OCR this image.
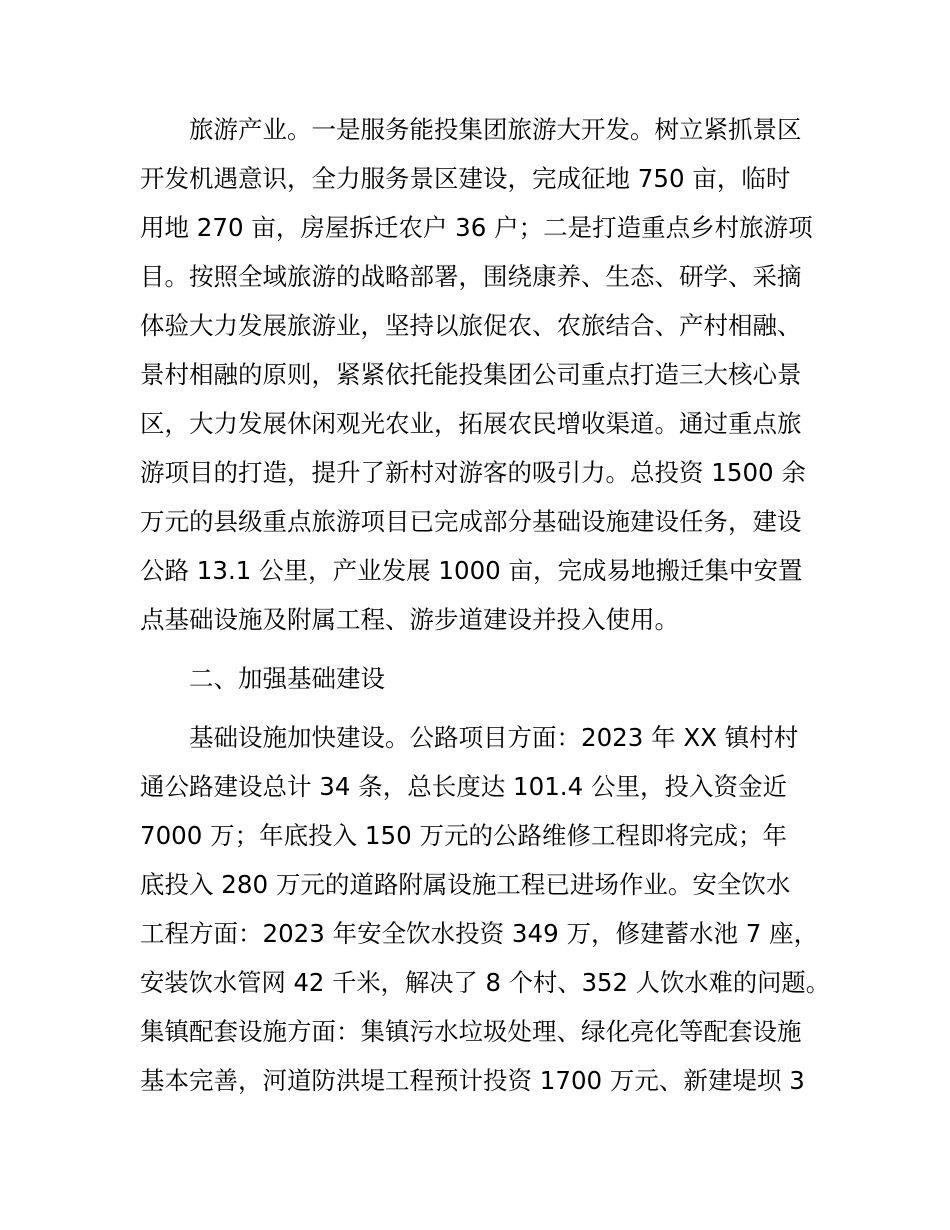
旅游产业。一是服务能投集团旅游大开发。树立紧抓景区

开发机遇意识，全力服务景区建设，完成征地 750 亩，临时

用地 270 亩，房屋拆迁农户 36 户；二是打造重点乡村旅游项

目。按照全域旅游的战略部署，围绕康养、生态、研学、采摘

体验大力发展旅游业，坚持以旅促农、农旅结合、产村相融、

景村相融的原则，紧紧依托能投集团公司重点打造三大核心景

区，大力发展休闲观光农业，拓展农民增收渠道。通过重点旅

游项目的打造，提升了新村对游客的吸引力。总投资 1500 余

万元的县级重点旅游项目已完成部分基础设施建设任务，建设

公路 13.1 公里，产业发展 1000 亩，完成易地搬迁集中安置

点基础设施及附属工程、游步道建设并投入使用。

二、加强基础建设

基础设施加快建设。公路项目方面：2023 年 XX 镇村村

通公路建设总计 34 条，总长度达 101.4 公里，投入资金近

7000 万；年底投入 150 万元的公路维修工程即将完成；年

底投入 280 万元的道路附属设施工程已进场作业。安全饮水

工程方面：2023 年安全饮水投资 349 万，修建蓄水池 7 座，

安装饮水管网 42 千米，解决了 8 个村、352 人饮水难的问题。

集镇配套设施方面：集镇污水垃圾处理、绿化亮化等配套设施

基本完善，河道防洪堤工程预计投资 1700 万元、新建堤坝 3
